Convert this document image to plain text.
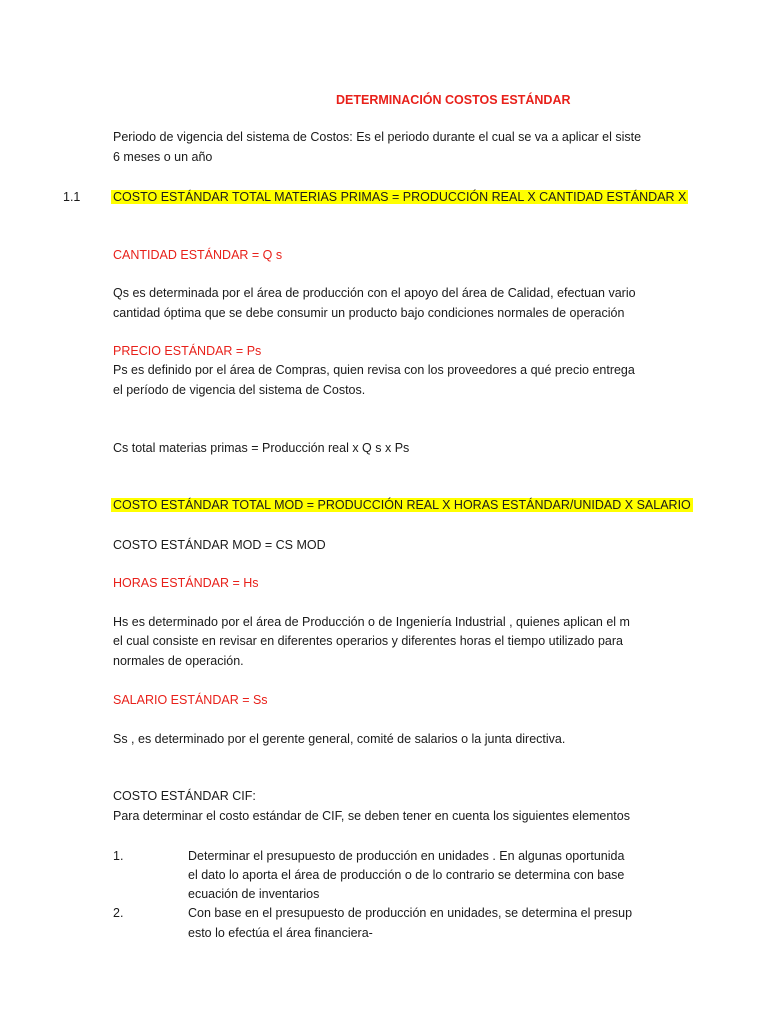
DETERMINACIÓN COSTOS ESTÁNDAR
Periodo de vigencia del sistema de Costos: Es el periodo durante el cual se va a aplicar el siste
6 meses o un año
1.1	COSTO ESTÁNDAR TOTAL MATERIAS PRIMAS = PRODUCCIÓN REAL X CANTIDAD ESTÁNDAR X
CANTIDAD ESTÁNDAR = Q s
Qs es determinada por el área de producción con el apoyo del área de Calidad, efectuan vario
cantidad óptima que se debe consumir un producto bajo condiciones normales de operación
PRECIO ESTÁNDAR = Ps
Ps es definido por el área de Compras, quien revisa con los proveedores a qué precio entrega
el período de vigencia del sistema de Costos.
Cs total materias primas = Producción real x Q s x Ps
COSTO ESTÁNDAR TOTAL MOD = PRODUCCIÓN REAL X HORAS ESTÁNDAR/UNIDAD X SALARIO
COSTO ESTÁNDAR MOD = CS MOD
HORAS ESTÁNDAR = Hs
Hs es determinado por el área de Producción o de Ingeniería Industrial , quienes aplican el m
el cual consiste en revisar en diferentes operarios y diferentes horas el tiempo utilizado para
normales de operación.
SALARIO ESTÁNDAR = Ss
Ss , es determinado por el gerente general, comité de salarios o la junta directiva.
COSTO ESTÁNDAR CIF:
Para determinar el costo estándar de CIF, se deben tener en cuenta los siguientes elementos
1.	Determinar el presupuesto de producción en unidades . En algunas oportunida
el dato lo aporta el área de producción o de lo contrario se determina con base
ecuación de inventarios
2.	Con base en el presupuesto de producción en unidades, se determina el presup
esto lo efectúa el área financiera-
